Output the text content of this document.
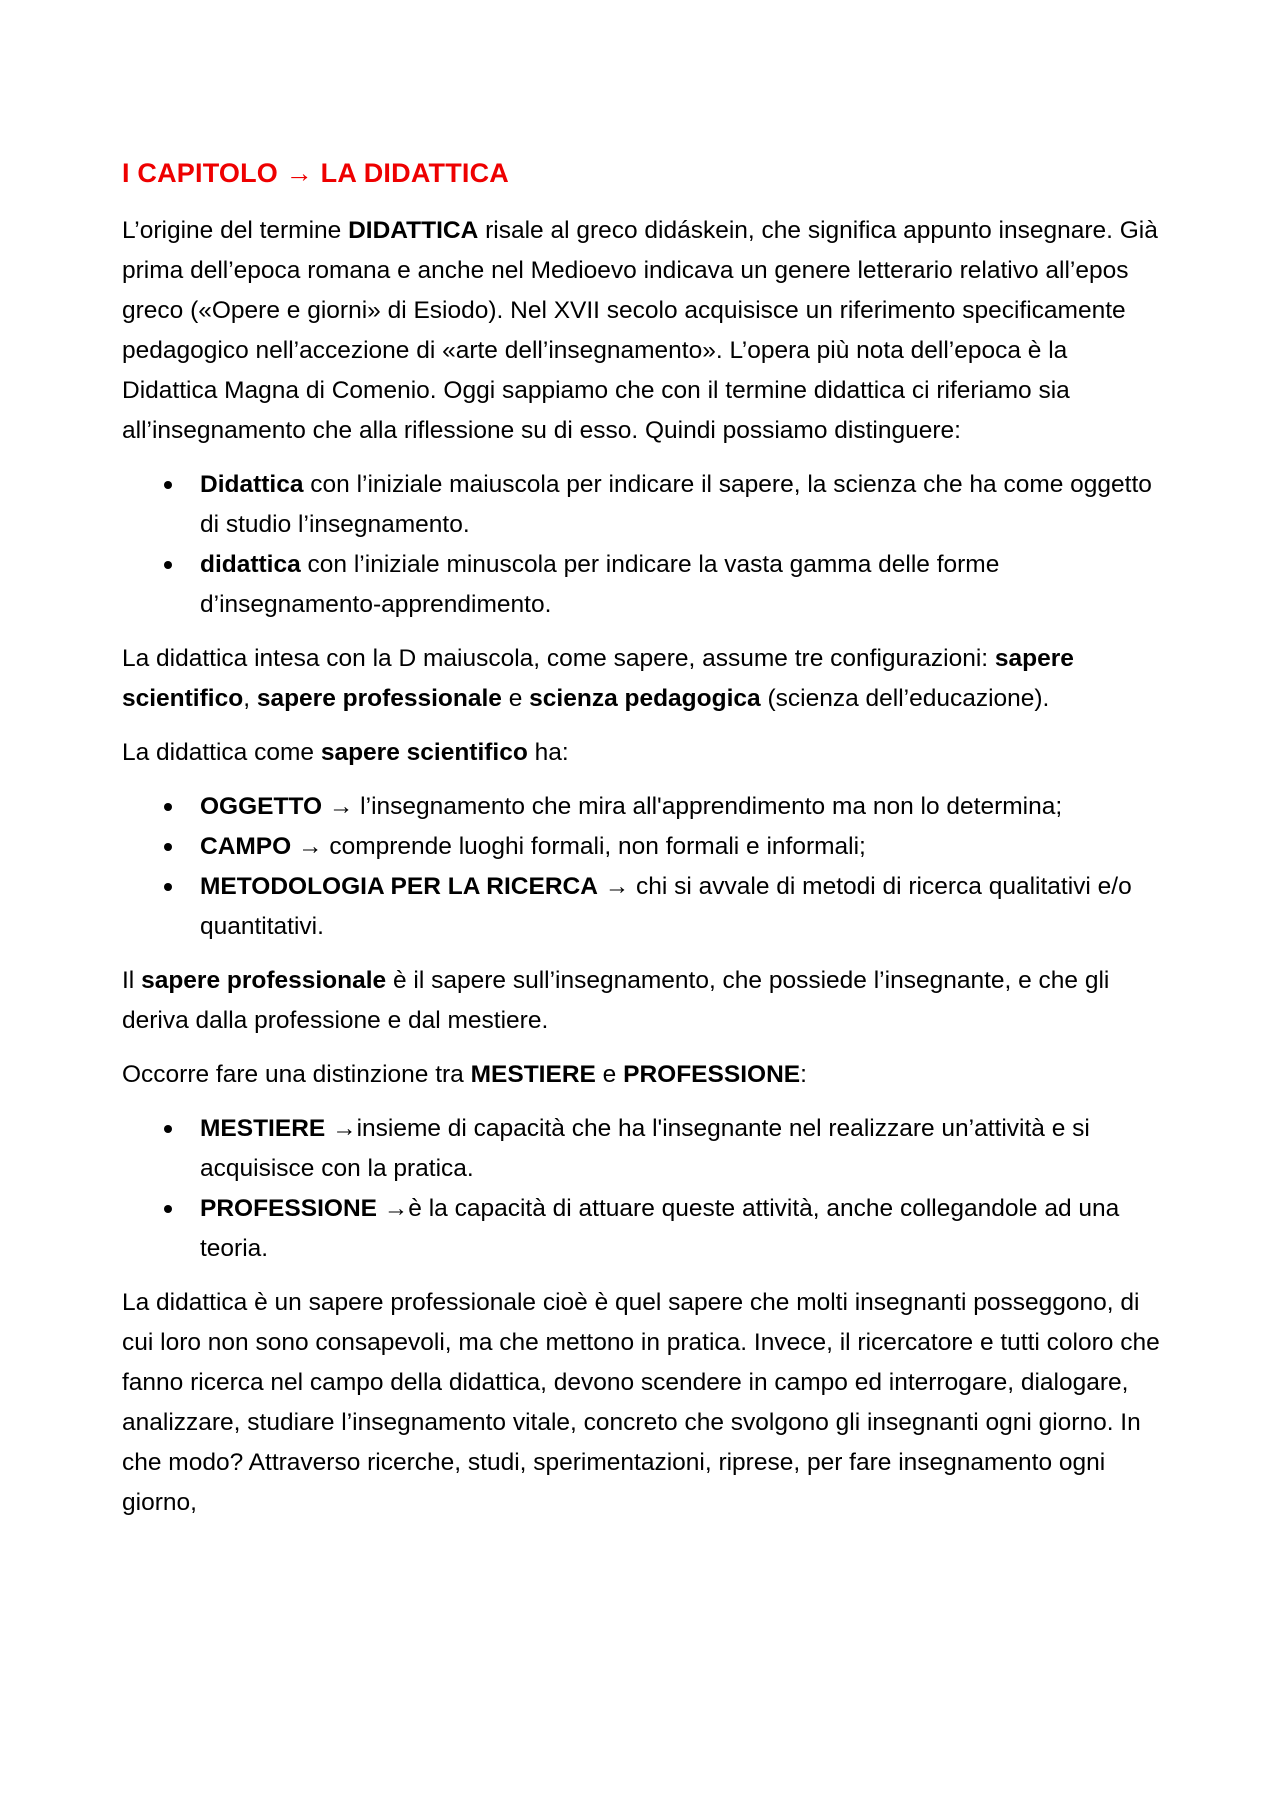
I CAPITOLO → LA DIDATTICA

L’origine del termine DIDATTICA risale al greco didáskein, che significa appunto insegnare. Già prima dell’epoca romana e anche nel Medioevo indicava un genere letterario relativo all’epos greco («Opere e giorni» di Esiodo). Nel XVII secolo acquisisce un riferimento specificamente pedagogico nell’accezione di «arte dell’insegnamento». L’opera più nota dell’epoca è la Didattica Magna di Comenio. Oggi sappiamo che con il termine didattica ci riferiamo sia all’insegnamento che alla riflessione su di esso. Quindi possiamo distinguere:

Didattica con l’iniziale maiuscola per indicare il sapere, la scienza che ha come oggetto di studio l’insegnamento.
didattica con l’iniziale minuscola per indicare la vasta gamma delle forme d’insegnamento-apprendimento.

La didattica intesa con la D maiuscola, come sapere, assume tre configurazioni: sapere scientifico, sapere professionale e scienza pedagogica (scienza dell’educazione).

La didattica come sapere scientifico ha:

OGGETTO → l’insegnamento che mira all'apprendimento ma non lo determina;
CAMPO → comprende luoghi formali, non formali e informali;
METODOLOGIA PER LA RICERCA → chi si avvale di metodi di ricerca qualitativi e/o quantitativi.

Il sapere professionale è il sapere sull’insegnamento, che possiede l’insegnante, e che gli deriva dalla professione e dal mestiere.

Occorre fare una distinzione tra MESTIERE e PROFESSIONE:

MESTIERE →insieme di capacità che ha l'insegnante nel realizzare un’attività e si acquisisce con la pratica.
PROFESSIONE →è la capacità di attuare queste attività, anche collegandole ad una teoria.

La didattica è un sapere professionale cioè è quel sapere che molti insegnanti posseggono, di cui loro non sono consapevoli, ma che mettono in pratica. Invece, il ricercatore e tutti coloro che fanno ricerca nel campo della didattica, devono scendere in campo ed interrogare, dialogare, analizzare, studiare l’insegnamento vitale, concreto che svolgono gli insegnanti ogni giorno. In che modo? Attraverso ricerche, studi, sperimentazioni, riprese, per fare insegnamento ogni giorno,
